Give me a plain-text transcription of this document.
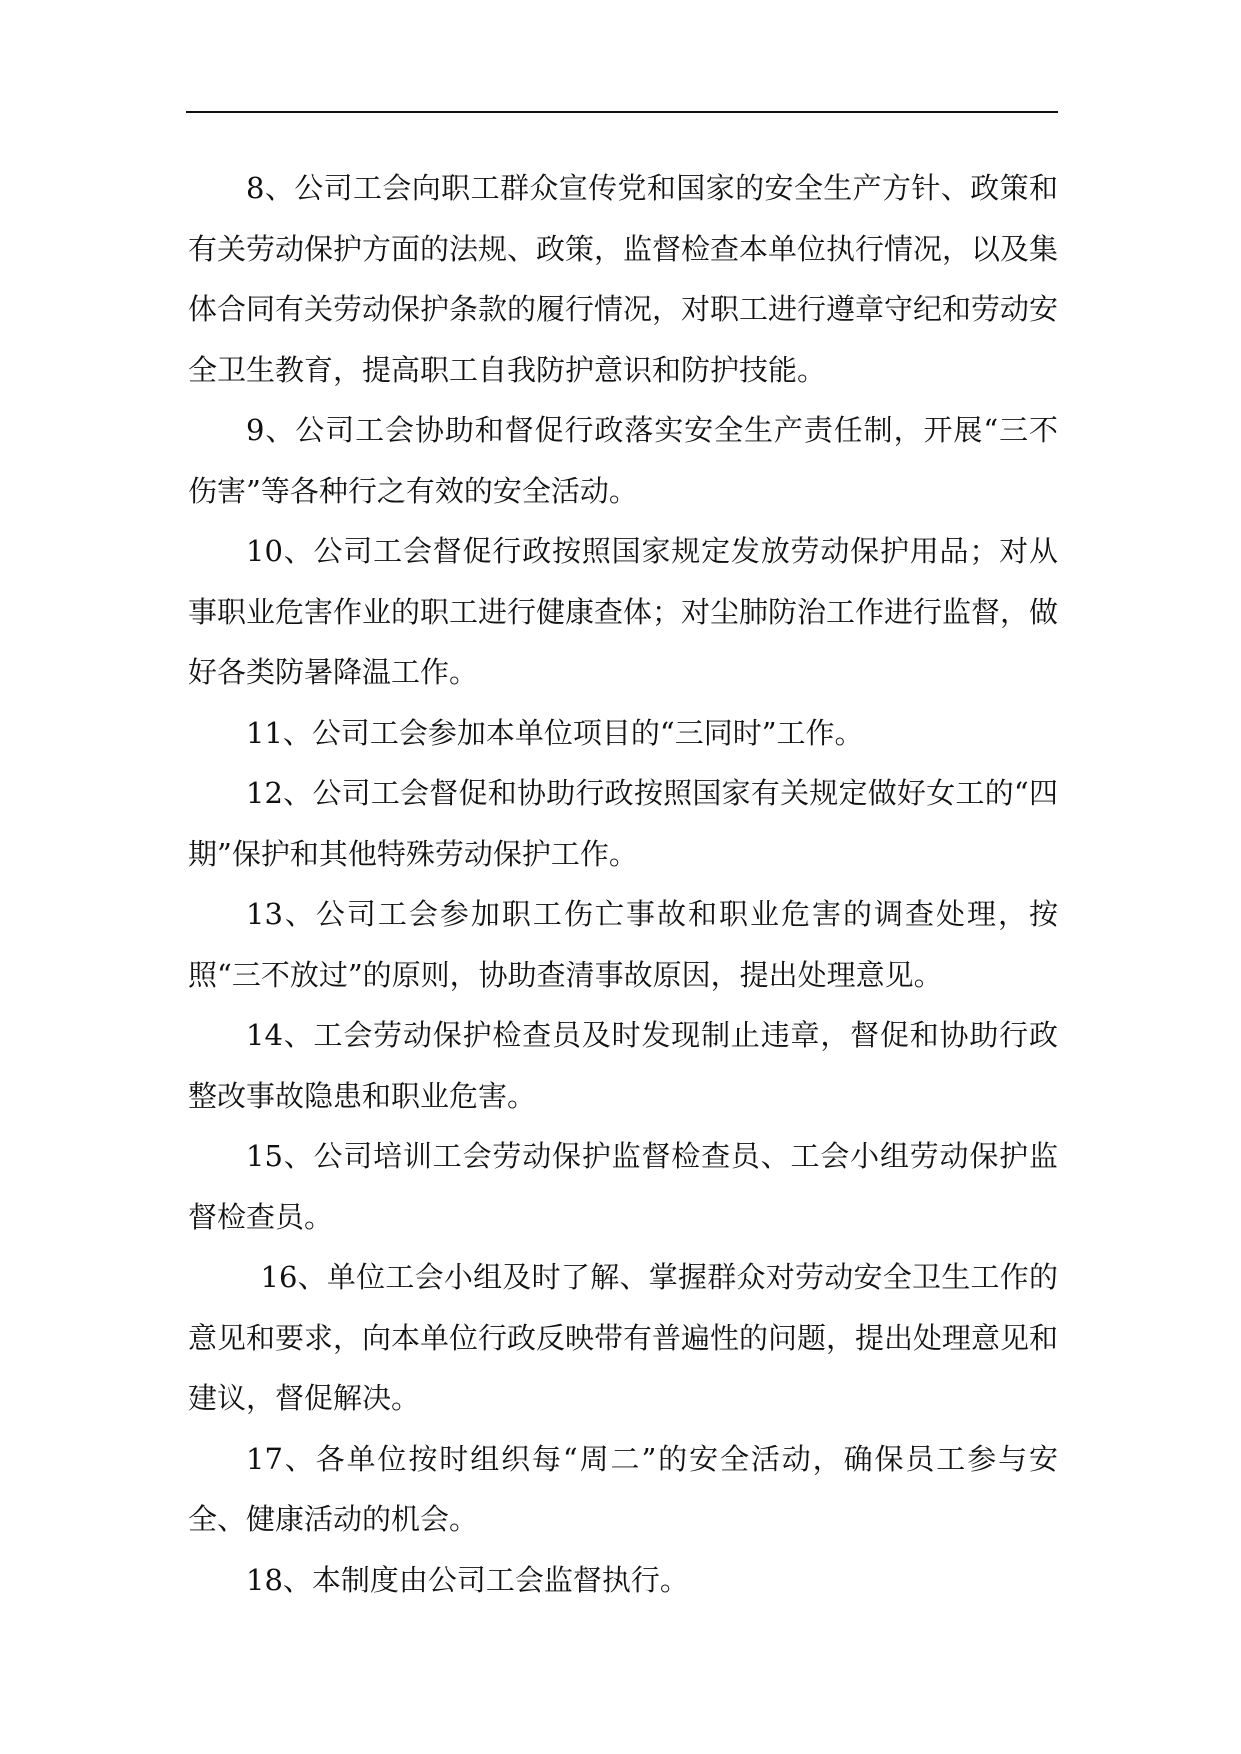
8、公司工会向职工群众宣传党和国家的安全生产方针、政策和有关劳动保护方面的法规、政策，监督检查本单位执行情况，以及集体合同有关劳动保护条款的履行情况，对职工进行遵章守纪和劳动安全卫生教育，提高职工自我防护意识和防护技能。

9、公司工会协助和督促行政落实安全生产责任制，开展“三不伤害”等各种行之有效的安全活动。

10、公司工会督促行政按照国家规定发放劳动保护用品；对从事职业危害作业的职工进行健康查体；对尘肺防治工作进行监督，做好各类防暑降温工作。

11、公司工会参加本单位项目的“三同时”工作。

12、公司工会督促和协助行政按照国家有关规定做好女工的“四期”保护和其他特殊劳动保护工作。

13、公司工会参加职工伤亡事故和职业危害的调查处理，按照“三不放过”的原则，协助查清事故原因，提出处理意见。

14、工会劳动保护检查员及时发现制止违章，督促和协助行政整改事故隐患和职业危害。

15、公司培训工会劳动保护监督检查员、工会小组劳动保护监督检查员。

16、单位工会小组及时了解、掌握群众对劳动安全卫生工作的意见和要求，向本单位行政反映带有普遍性的问题，提出处理意见和建议，督促解决。

17、各单位按时组织每“周二”的安全活动，确保员工参与安全、健康活动的机会。

18、本制度由公司工会监督执行。
